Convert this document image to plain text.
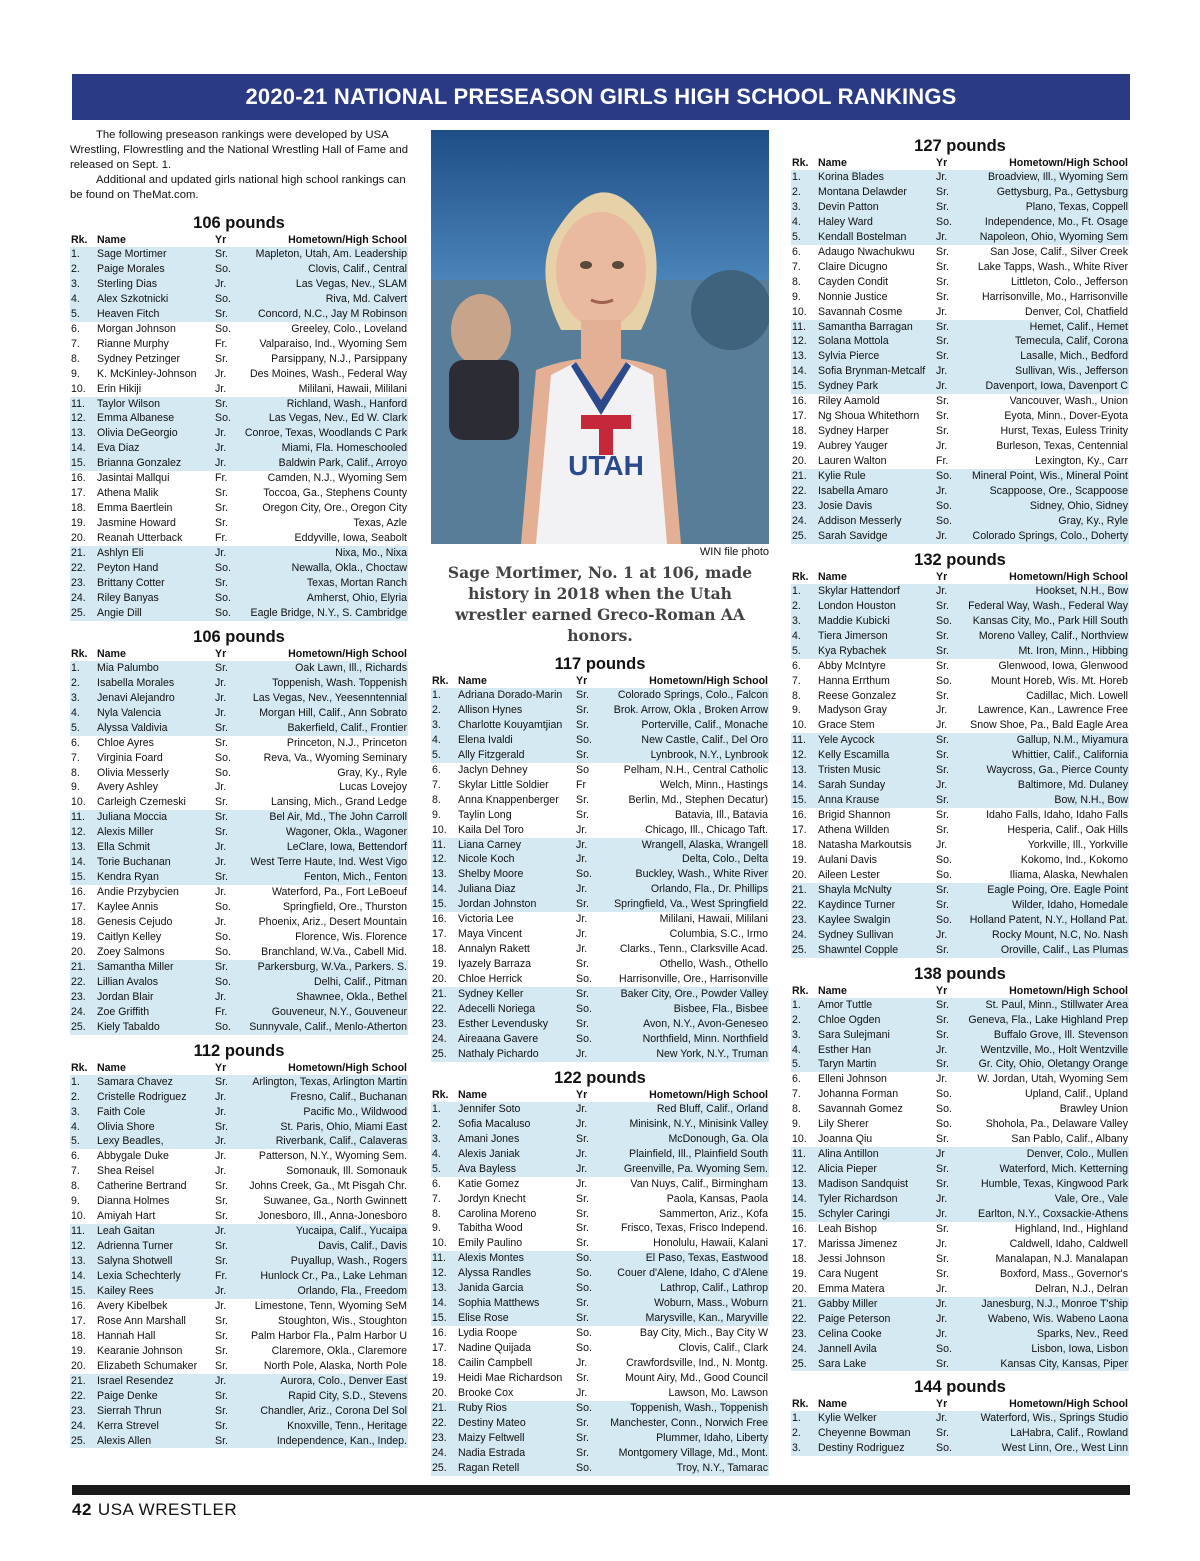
2020-21 NATIONAL PRESEASON GIRLS HIGH SCHOOL RANKINGS

The following preseason rankings were developed by USA Wrestling, Flowrestling and the National Wrestling Hall of Fame and released on Sept. 1.

Additional and updated girls national high school rankings can be found on TheMat.com.

106 pounds
Rk.	Name	Yr	Hometown/High School
1.	Sage Mortimer	Sr.	Mapleton, Utah, Am. Leadership
2.	Paige Morales	So.	Clovis, Calif., Central
3.	Sterling Dias	Jr.	Las Vegas, Nev., SLAM
4.	Alex Szkotnicki	So.	Riva, Md. Calvert
5.	Heaven Fitch	Sr.	Concord, N.C., Jay M Robinson
6.	Morgan Johnson	So.	Greeley, Colo., Loveland
7.	Rianne Murphy	Fr.	Valparaiso, Ind., Wyoming Sem
8.	Sydney Petzinger	Sr.	Parsippany, N.J., Parsippany
9.	K. McKinley-Johnson	Jr.	Des Moines, Wash., Federal Way
10.	Erin Hikiji	Jr.	Mililani, Hawaii, Mililani
11.	Taylor Wilson	Sr.	Richland, Wash., Hanford
12.	Emma Albanese	So.	Las Vegas, Nev., Ed W. Clark
13.	Olivia DeGeorgio	Jr.	Conroe, Texas, Woodlands C Park
14.	Eva Diaz	Jr.	Miami, Fla. Homeschooled
15.	Brianna Gonzalez	Jr.	Baldwin Park, Calif., Arroyo
16.	Jasintai Mallqui	Fr.	Camden, N.J., Wyoming Sem
17.	Athena Malik	Sr.	Toccoa, Ga., Stephens County
18.	Emma Baertlein	Sr.	Oregon City, Ore., Oregon City
19.	Jasmine Howard	Sr.	Texas, Azle
20.	Reanah Utterback	Fr.	Eddyville, Iowa, Seabolt
21.	Ashlyn Eli	Jr.	Nixa, Mo., Nixa
22.	Peyton Hand	So.	Newalla, Okla., Choctaw
23.	Brittany Cotter	Sr.	Texas, Mortan Ranch
24.	Riley Banyas	So.	Amherst, Ohio, Elyria
25.	Angie Dill	So.	Eagle Bridge, N.Y., S. Cambridge
106 pounds
Rk.	Name	Yr	Hometown/High School
1.	Mia Palumbo	Sr.	Oak Lawn, Ill., Richards
2.	Isabella Morales	Jr.	Toppenish, Wash. Toppenish
3.	Jenavi Alejandro	Jr.	Las Vegas, Nev., Yeesenntennial
4.	Nyla Valencia	Jr.	Morgan Hill, Calif., Ann Sobrato
5.	Alyssa Valdivia	Sr.	Bakerfield, Calif., Frontier
6.	Chloe Ayres	Sr.	Princeton, N.J., Princeton
7.	Virginia Foard	So.	Reva, Va., Wyoming Seminary
8.	Olivia Messerly	So.	Gray, Ky., Ryle
9.	Avery Ashley	Jr.	Lucas Lovejoy
10.	Carleigh Czemeski	Sr.	Lansing, Mich., Grand Ledge
11.	Juliana Moccia	Sr.	Bel Air, Md., The John Carroll
12.	Alexis Miller	Sr.	Wagoner, Okla., Wagoner
13.	Ella Schmit	Jr.	LeClare, Iowa, Bettendorf
14.	Torie Buchanan	Jr.	West Terre Haute, Ind. West Vigo
15.	Kendra Ryan	Sr.	Fenton, Mich., Fenton
16.	Andie Przybycien	Jr.	Waterford, Pa., Fort LeBoeuf
17.	Kaylee Annis	So.	Springfield, Ore., Thurston
18.	Genesis Cejudo	Jr.	Phoenix, Ariz., Desert Mountain
19.	Caitlyn Kelley	So.	Florence, Wis. Florence
20.	Zoey Salmons	So.	Branchland, W.Va., Cabell Mid.
21.	Samantha Miller	Sr.	Parkersburg, W.Va., Parkers. S.
22.	Lillian Avalos	So.	Delhi, Calif., Pitman
23.	Jordan Blair	Jr.	Shawnee, Okla., Bethel
24.	Zoe Griffith	Fr.	Gouveneur, N.Y., Gouveneur
25.	Kiely Tabaldo	So.	Sunnyvale, Calif., Menlo-Atherton
112 pounds
Rk.	Name	Yr	Hometown/High School
1.	Samara Chavez	Sr.	Arlington, Texas, Arlington Martin
2.	Cristelle Rodriguez	Jr.	Fresno, Calif., Buchanan
3.	Faith Cole	Jr.	Pacific Mo., Wildwood
4.	Olivia Shore	Sr.	St. Paris, Ohio, Miami East
5.	Lexy Beadles,	Jr.	Riverbank, Calif., Calaveras
6.	Abbygale Duke	Jr.	Patterson, N.Y., Wyoming Sem.
7.	Shea Reisel	Jr.	Somonauk, Ill. Somonauk
8.	Catherine Bertrand	Sr.	Johns Creek, Ga., Mt Pisgah Chr.
9.	Dianna Holmes	Sr.	Suwanee, Ga., North Gwinnett
10.	Amiyah Hart	Sr.	Jonesboro, Ill., Anna-Jonesboro
11.	Leah Gaitan	Jr.	Yucaipa, Calif., Yucaipa
12.	Adrienna Turner	Sr.	Davis, Calif., Davis
13.	Salyna Shotwell	Sr.	Puyallup, Wash., Rogers
14.	Lexia Schechterly	Fr.	Hunlock Cr., Pa., Lake Lehman
15.	Kailey Rees	Jr.	Orlando, Fla., Freedom
16.	Avery Kibelbek	Jr.	Limestone, Tenn, Wyoming SeM
17.	Rose Ann Marshall	Sr.	Stoughton, Wis., Stoughton
18.	Hannah Hall	Sr.	Palm Harbor Fla., Palm Harbor U
19.	Kearanie Johnson	Sr.	Claremore, Okla., Claremore
20.	Elizabeth Schumaker	Sr.	North Pole, Alaska, North Pole
21.	Israel Resendez	Jr.	Aurora, Colo., Denver East
22.	Paige Denke	Sr.	Rapid City, S.D., Stevens
23.	Sierrah Thrun	Sr.	Chandler, Ariz., Corona Del Sol
24.	Kerra Strevel	Sr.	Knoxville, Tenn., Heritage
25.	Alexis Allen	Sr.	Independence, Kan., Indep.
UTAH
WIN file photo
Sage Mortimer, No. 1 at 106, made history in 2018 when the Utah wrestler earned Greco-Roman AA honors.
117 pounds
Rk.	Name	Yr	Hometown/High School
1.	Adriana Dorado-Marin	Sr.	Colorado Springs, Colo., Falcon
2.	Allison Hynes	Sr.	Brok. Arrow, Okla , Broken Arrow
3.	Charlotte Kouyamtjian	Sr.	Porterville, Calif., Monache
4.	Elena Ivaldi	So.	New Castle, Calif., Del Oro
5.	Ally Fitzgerald	Sr.	Lynbrook, N.Y., Lynbrook
6.	Jaclyn Dehney	So	Pelham, N.H., Central Catholic
7.	Skylar Little Soldier	Fr	Welch, Minn., Hastings
8.	Anna Knappenberger	Sr.	Berlin, Md., Stephen Decatur)
9.	Taylin Long	Sr.	Batavia, Ill., Batavia
10.	Kaila Del Toro	Jr.	Chicago, Ill., Chicago Taft.
11.	Liana Carney	Jr.	Wrangell, Alaska, Wrangell
12.	Nicole Koch	Jr.	Delta, Colo., Delta
13.	Shelby Moore	So.	Buckley, Wash., White River
14.	Juliana Diaz	Jr.	Orlando, Fla., Dr. Phillips
15.	Jordan Johnston	Sr.	Springfield, Va., West Springfield
16.	Victoria Lee	Jr.	Mililani, Hawaii, Mililani
17.	Maya Vincent	Jr.	Columbia, S.C., Irmo
18.	Annalyn Rakett	Jr.	Clarks., Tenn., Clarksville Acad.
19.	Iyazely Barraza	Sr.	Othello, Wash., Othello
20.	Chloe Herrick	So.	Harrisonville, Ore., Harrisonville
21.	Sydney Keller	Sr.	Baker City, Ore., Powder Valley
22.	Adecelli Noriega	So.	Bisbee, Fla., Bisbee
23.	Esther Levendusky	Sr.	Avon, N.Y., Avon-Geneseo
24.	Aireaana Gavere	So.	Northfield, Minn. Northfield
25.	Nathaly Pichardo	Jr.	New York, N.Y., Truman
122 pounds
Rk.	Name	Yr	Hometown/High School
1.	Jennifer Soto	Jr.	Red Bluff, Calif., Orland
2.	Sofia Macaluso	Jr.	Minisink, N.Y., Minisink Valley
3.	Amani Jones	Sr.	McDonough, Ga. Ola
4.	Alexis Janiak	Jr.	Plainfield, Ill., Plainfield South
5.	Ava Bayless	Jr.	Greenville, Pa. Wyoming Sem.
6.	Katie Gomez	Jr.	Van Nuys, Calif., Birmingham
7.	Jordyn Knecht	Sr.	Paola, Kansas, Paola
8.	Carolina Moreno	Sr.	Sammerton, Ariz., Kofa
9.	Tabitha Wood	Sr.	Frisco, Texas, Frisco Independ.
10.	Emily Paulino	Sr.	Honolulu, Hawaii, Kalani
11.	Alexis Montes	So.	El Paso, Texas, Eastwood
12.	Alyssa Randles	So.	Couer d'Alene, Idaho, C d'Alene
13.	Janida Garcia	So.	Lathrop, Calif., Lathrop
14.	Sophia Matthews	Sr.	Woburn, Mass., Woburn
15.	Elise Rose	Sr.	Marysville, Kan., Maryville
16.	Lydia Roope	So.	Bay City, Mich., Bay City W
17.	Nadine Quijada	So.	Clovis, Calif., Clark
18.	Cailin Campbell	Jr.	Crawfordsville, Ind., N. Montg.
19.	Heidi Mae Richardson	Sr.	Mount Airy, Md., Good Council
20.	Brooke Cox	Jr.	Lawson, Mo. Lawson
21.	Ruby Rios	So.	Toppenish, Wash., Toppenish
22.	Destiny Mateo	Sr.	Manchester, Conn., Norwich Free
23.	Maizy Feltwell	Sr.	Plummer, Idaho, Liberty
24.	Nadia Estrada	Sr.	Montgomery Village, Md., Mont.
25.	Ragan Retell	So.	Troy, N.Y., Tamarac
127 pounds
Rk.	Name	Yr	Hometown/High School
1.	Korina Blades	Jr.	Broadview, Ill., Wyoming Sem
2.	Montana Delawder	Sr.	Gettysburg, Pa., Gettysburg
3.	Devin Patton	Sr.	Plano, Texas, Coppell
4.	Haley Ward	So.	Independence, Mo., Ft. Osage
5.	Kendall Bostelman	Jr.	Napoleon, Ohio, Wyoming Sem
6.	Adaugo Nwachukwu	Sr.	San Jose, Calif., Silver Creek
7.	Claire Dicugno	Sr.	Lake Tapps, Wash., White River
8.	Cayden Condit	Sr.	Littleton, Colo., Jefferson
9.	Nonnie Justice	Sr.	Harrisonville, Mo., Harrisonville
10.	Savannah Cosme	Jr.	Denver, Col, Chatfield
11.	Samantha Barragan	Sr.	Hemet, Calif., Hemet
12.	Solana Mottola	Sr.	Temecula, Calif, Corona
13.	Sylvia Pierce	Sr.	Lasalle, Mich., Bedford
14.	Sofia Brynman-Metcalf	Jr.	Sullivan, Wis., Jefferson
15.	Sydney Park	Jr.	Davenport, Iowa, Davenport C
16.	Riley Aamold	Sr.	Vancouver, Wash., Union
17.	Ng Shoua Whitethorn	Sr.	Eyota, Minn., Dover-Eyota
18.	Sydney Harper	Sr.	Hurst, Texas, Euless Trinity
19.	Aubrey Yauger	Jr.	Burleson, Texas, Centennial
20.	Lauren Walton	Fr.	Lexington, Ky., Carr
21.	Kylie Rule	So.	Mineral Point, Wis., Mineral Point
22.	Isabella Amaro	Jr.	Scappoose, Ore., Scappoose
23.	Josie Davis	So.	Sidney, Ohio, Sidney
24.	Addison Messerly	So.	Gray, Ky., Ryle
25.	Sarah Savidge	Jr.	Colorado Springs, Colo., Doherty
132 pounds
Rk.	Name	Yr	Hometown/High School
1.	Skylar Hattendorf	Jr.	Hookset, N.H., Bow
2.	London Houston	Sr.	Federal Way, Wash., Federal Way
3.	Maddie Kubicki	So.	Kansas City, Mo., Park Hill South
4.	Tiera Jimerson	Sr.	Moreno Valley, Calif., Northview
5.	Kya Rybachek	Sr.	Mt. Iron, Minn., Hibbing
6.	Abby McIntyre	Sr.	Glenwood, Iowa, Glenwood
7.	Hanna Errthum	So.	Mount Horeb, Wis. Mt. Horeb
8.	Reese Gonzalez	Sr.	Cadillac, Mich. Lowell
9.	Madyson Gray	Jr.	Lawrence, Kan., Lawrence Free
10.	Grace Stem	Jr.	Snow Shoe, Pa., Bald Eagle Area
11.	Yele Aycock	Sr.	Gallup, N.M., Miyamura
12.	Kelly Escamilla	Sr.	Whittier, Calif., California
13.	Tristen Music	Sr.	Waycross, Ga., Pierce County
14.	Sarah Sunday	Jr.	Baltimore, Md. Dulaney
15.	Anna Krause	Sr.	Bow, N.H., Bow
16.	Brigid Shannon	Sr.	Idaho Falls, Idaho, Idaho Falls
17.	Athena Willden	Sr.	Hesperia, Calif., Oak Hills
18.	Natasha Markoutsis	Jr.	Yorkville, Ill., Yorkville
19.	Aulani Davis	So.	Kokomo, Ind., Kokomo
20.	Aileen Lester	So.	Iliama, Alaska, Newhalen
21.	Shayla McNulty	Sr.	Eagle Poing, Ore. Eagle Point
22.	Kaydince Turner	Sr.	Wilder, Idaho, Homedale
23.	Kaylee Swalgin	So.	Holland Patent, N.Y., Holland Pat.
24.	Sydney Sullivan	Jr.	Rocky Mount, N.C, No. Nash
25.	Shawntel Copple	Sr.	Oroville, Calif., Las Plumas
138 pounds
Rk.	Name	Yr	Hometown/High School
1.	Amor Tuttle	Sr.	St. Paul, Minn., Stillwater Area
2.	Chloe Ogden	Sr.	Geneva, Fla., Lake Highland Prep
3.	Sara Sulejmani	Sr.	Buffalo Grove, Ill. Stevenson
4.	Esther Han	Jr.	Wentzville, Mo., Holt Wentzville
5.	Taryn Martin	Sr.	Gr. City, Ohio, Oletangy Orange
6.	Elleni Johnson	Jr.	W. Jordan, Utah, Wyoming Sem
7.	Johanna Forman	So.	Upland, Calif., Upland
8.	Savannah Gomez	So.	Brawley Union
9.	Lily Sherer	So.	Shohola, Pa., Delaware Valley
10.	Joanna Qiu	Sr.	San Pablo, Calif., Albany
11.	Alina Antillon	Jr	Denver, Colo., Mullen
12.	Alicia Pieper	Sr.	Waterford, Mich. Ketterning
13.	Madison Sandquist	Sr.	Humble, Texas, Kingwood Park
14.	Tyler Richardson	Jr.	Vale, Ore., Vale
15.	Schyler Caringi	Jr.	Earlton, N.Y., Coxsackie-Athens
16.	Leah Bishop	Sr.	Highland, Ind., Highland
17.	Marissa Jimenez	Jr.	Caldwell, Idaho, Caldwell
18.	Jessi Johnson	Sr.	Manalapan, N.J. Manalapan
19.	Cara Nugent	Sr.	Boxford, Mass., Governor's
20.	Emma Matera	Jr.	Delran, N.J., Delran
21.	Gabby Miller	Jr.	Janesburg, N.J., Monroe T'ship
22.	Paige Peterson	Jr.	Wabeno, Wis. Wabeno Laona
23.	Celina Cooke	Jr.	Sparks, Nev., Reed
24.	Jannell Avila	So.	Lisbon, Iowa, Lisbon
25.	Sara Lake	Sr.	Kansas City, Kansas, Piper
144 pounds
Rk.	Name	Yr	Hometown/High School
1.	Kylie Welker	Jr.	Waterford, Wis., Springs Studio
2.	Cheyenne Bowman	Sr.	LaHabra, Calif., Rowland
3.	Destiny Rodriguez	So.	West Linn, Ore., West Linn
42 USA WRESTLER
